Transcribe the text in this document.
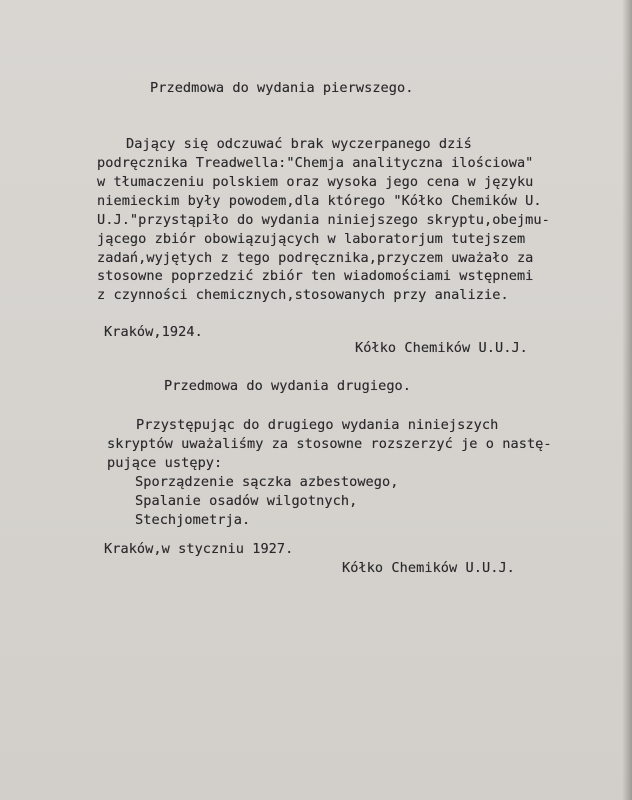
Przedmowa do wydania pierwszego.
Dający się odczuwać brak wyczerpanego dziś
podręcznika Treadwella:"Chemja analityczna ilościowa"
w tłumaczeniu polskiem oraz wysoka jego cena w języku
niemieckim były powodem,dla którego "Kółko Chemików U.
U.J."przystąpiło do wydania niniejszego skryptu,obejmu-
jącego zbiór obowiązujących w laboratorjum tutejszem
zadań,wyjętych z tego podręcznika,przyczem uważało za
stosowne poprzedzić zbiór ten wiadomościami wstępnemi
z czynności chemicznych,stosowanych przy analizie.
Kraków,1924.
Kółko Chemików U.U.J.
Przedmowa do wydania drugiego.
Przystępując do drugiego wydania niniejszych
skryptów uważaliśmy za stosowne rozszerzyć je o nastę-
pujące ustępy:
Sporządzenie sączka azbestowego,
Spalanie osadów wilgotnych,
Stechjometrja.
Kraków,w styczniu 1927.
Kółko Chemików U.U.J.
